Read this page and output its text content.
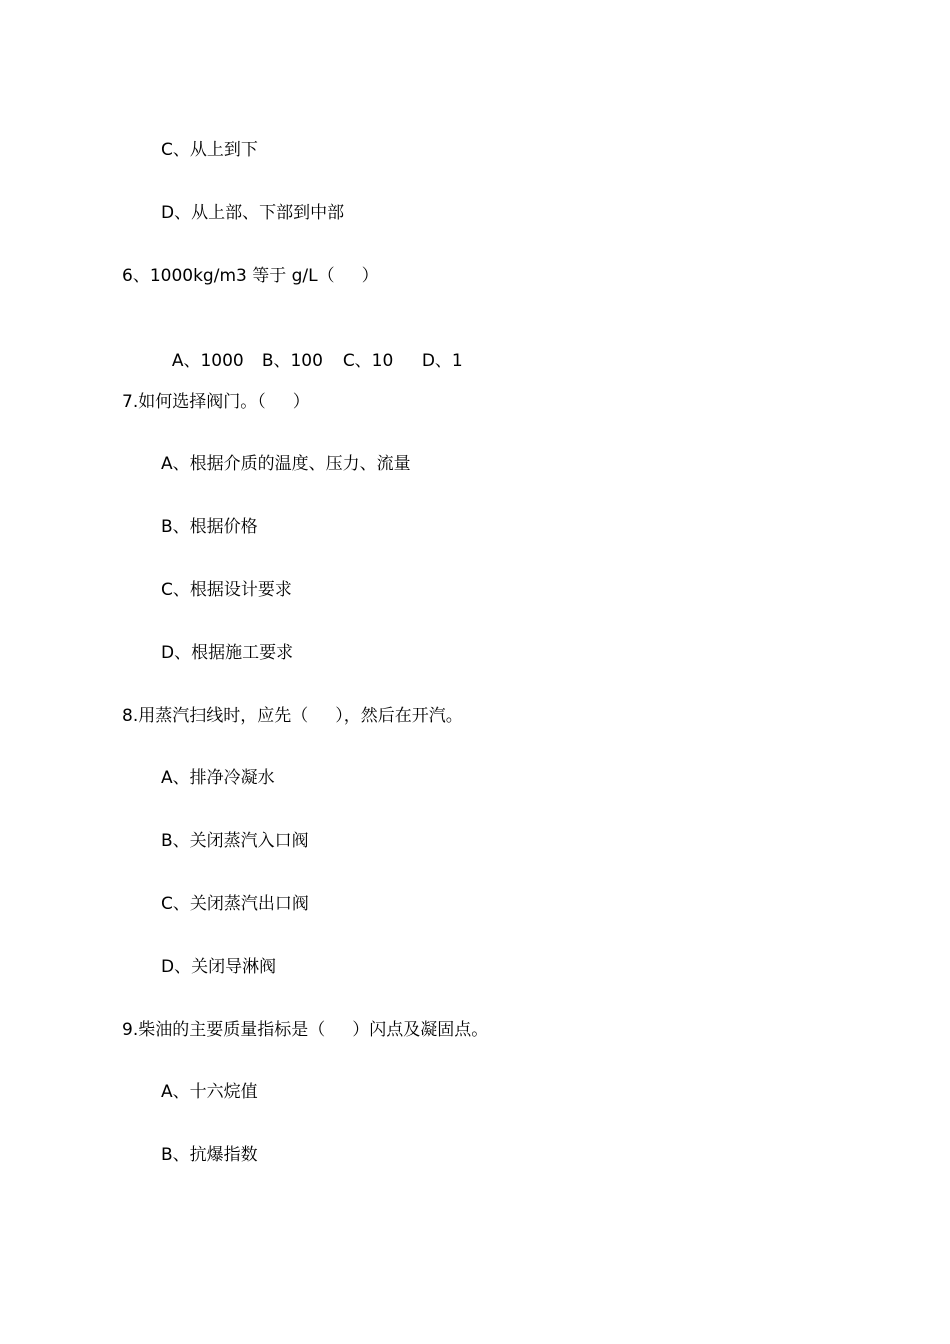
C、从上到下
D、从上部、下部到中部
6、1000kg/m3 等于 g/L（     ）

A、1000 B、100 C、10 D、1

7.如何选择阀门。（     ）
A、根据介质的温度、压力、流量
B、根据价格
C、根据设计要求
D、根据施工要求
8.用蒸汽扫线时，应先（     ），然后在开汽。
A、排净冷凝水
B、关闭蒸汽入口阀
C、关闭蒸汽出口阀
D、关闭导淋阀
9.柴油的主要质量指标是（     ）闪点及凝固点。
A、十六烷值
B、抗爆指数
